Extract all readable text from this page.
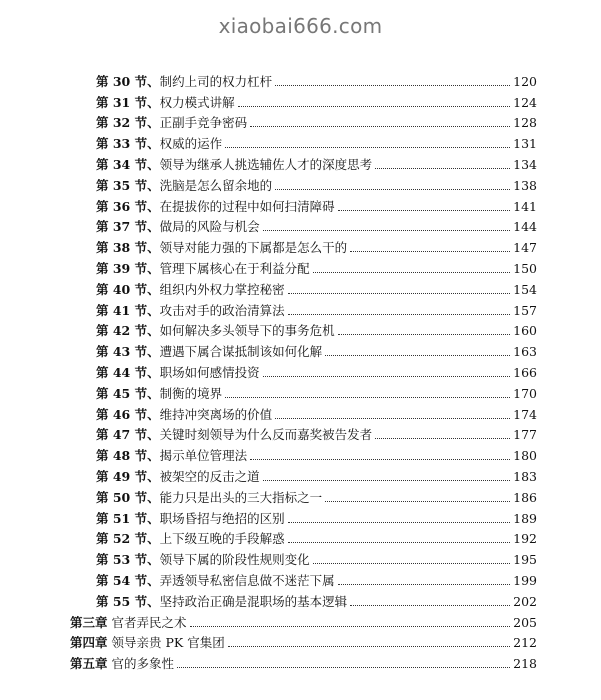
xiaobai666.com
第 30 节、制约上司的权力杠杆	120
第 31 节、权力模式讲解	124
第 32 节、正副手竞争密码	128
第 33 节、权威的运作	131
第 34 节、领导为继承人挑选辅佐人才的深度思考	134
第 35 节、洗脑是怎么留余地的	138
第 36 节、在提拔你的过程中如何扫清障碍	141
第 37 节、做局的风险与机会	144
第 38 节、领导对能力强的下属都是怎么干的	147
第 39 节、管理下属核心在于利益分配	150
第 40 节、组织内外权力掌控秘密	154
第 41 节、攻击对手的政治清算法	157
第 42 节、如何解决多头领导下的事务危机	160
第 43 节、遭遇下属合谋抵制该如何化解	163
第 44 节、职场如何感情投资	166
第 45 节、制衡的境界	170
第 46 节、维持冲突离场的价值	174
第 47 节、关键时刻领导为什么反而嘉奖被告发者	177
第 48 节、揭示单位管理法	180
第 49 节、被架空的反击之道	183
第 50 节、能力只是出头的三大指标之一	186
第 51 节、职场昏招与绝招的区别	189
第 52 节、上下级互晚的手段解惑	192
第 53 节、领导下属的阶段性规则变化	195
第 54 节、弄透领导私密信息做不迷茫下属	199
第 55 节、坚持政治正确是混职场的基本逻辑	202
第三章 官者弄民之术	205
第四章 领导亲贵 PK 官集团	212
第五章 官的多象性	218
